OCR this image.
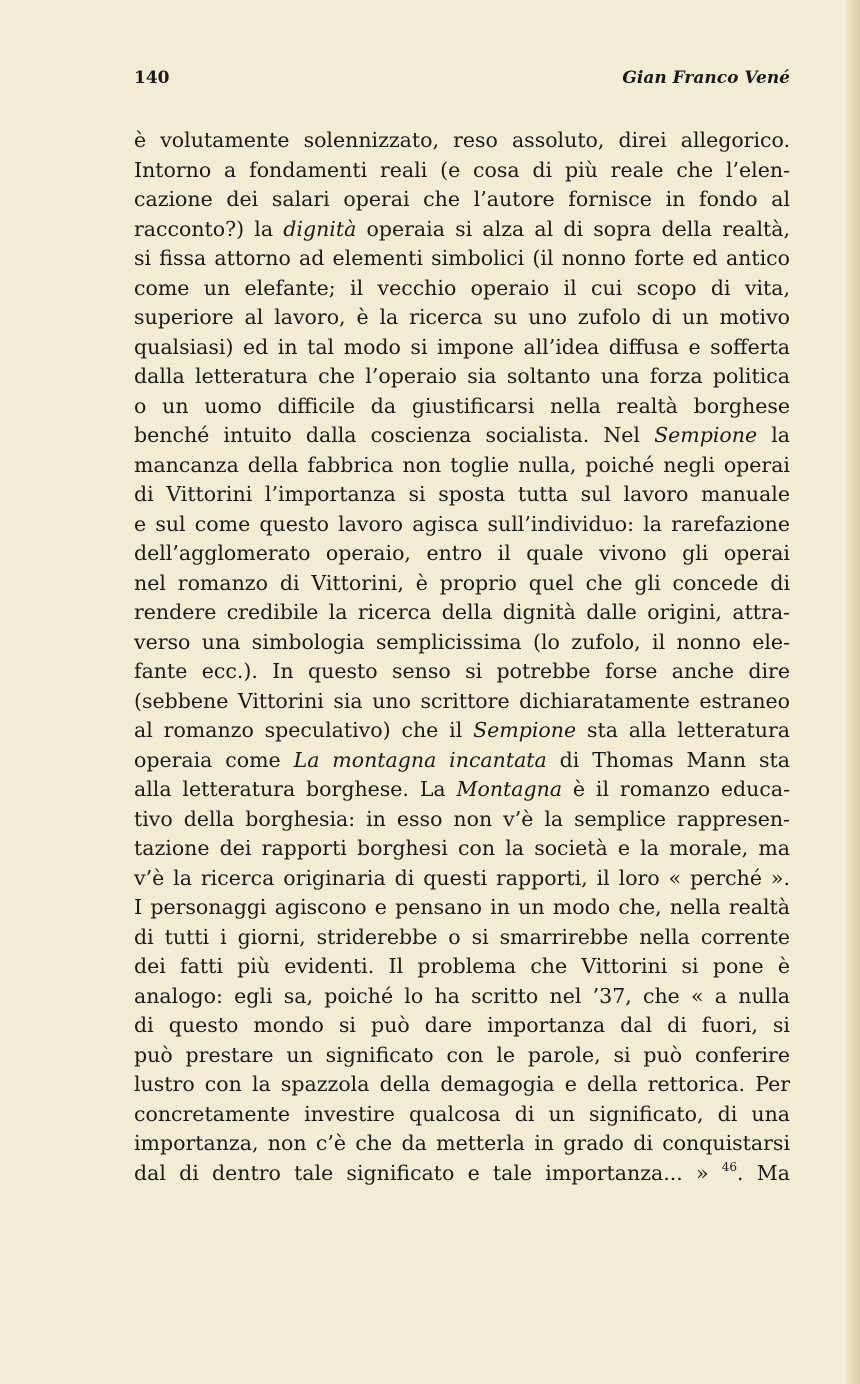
140	Gian Franco Vené
è volutamente solennizzato, reso assoluto, direi allegorico.
Intorno a fondamenti reali (e cosa di più reale che l’elen-
cazione dei salari operai che l’autore fornisce in fondo al
racconto?) la dignità operaia si alza al di sopra della realtà,
si fissa attorno ad elementi simbolici (il nonno forte ed antico
come un elefante; il vecchio operaio il cui scopo di vita,
superiore al lavoro, è la ricerca su uno zufolo di un motivo
qualsiasi) ed in tal modo si impone all’idea diffusa e sofferta
dalla letteratura che l’operaio sia soltanto una forza politica
o un uomo difficile da giustificarsi nella realtà borghese
benché intuito dalla coscienza socialista. Nel Sempione la
mancanza della fabbrica non toglie nulla, poiché negli operai
di Vittorini l’importanza si sposta tutta sul lavoro manuale
e sul come questo lavoro agisca sull’individuo: la rarefazione
dell’agglomerato operaio, entro il quale vivono gli operai
nel romanzo di Vittorini, è proprio quel che gli concede di
rendere credibile la ricerca della dignità dalle origini, attra-
verso una simbologia semplicissima (lo zufolo, il nonno ele-
fante ecc.). In questo senso si potrebbe forse anche dire
(sebbene Vittorini sia uno scrittore dichiaratamente estraneo
al romanzo speculativo) che il Sempione sta alla letteratura
operaia come La montagna incantata di Thomas Mann sta
alla letteratura borghese. La Montagna è il romanzo educa-
tivo della borghesia: in esso non v’è la semplice rappresen-
tazione dei rapporti borghesi con la società e la morale, ma
v’è la ricerca originaria di questi rapporti, il loro « perché ».
I personaggi agiscono e pensano in un modo che, nella realtà
di tutti i giorni, striderebbe o si smarrirebbe nella corrente
dei fatti più evidenti. Il problema che Vittorini si pone è
analogo: egli sa, poiché lo ha scritto nel ’37, che « a nulla
di questo mondo si può dare importanza dal di fuori, si
può prestare un significato con le parole, si può conferire
lustro con la spazzola della demagogia e della rettorica. Per
concretamente investire qualcosa di un significato, di una
importanza, non c’è che da metterla in grado di conquistarsi
dal di dentro tale significato e tale importanza... » $^{46}$. Ma
